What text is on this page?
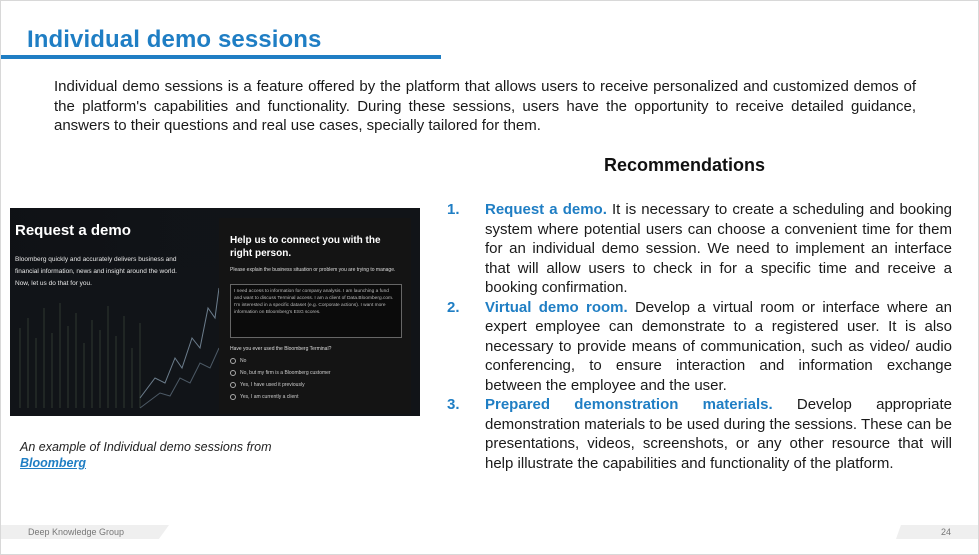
Individual demo sessions
Individual demo sessions is a feature offered by the platform that allows users to receive personalized and customized demos of the platform's capabilities and functionality. During these sessions, users have the opportunity to receive detailed guidance, answers to their questions and real use cases, specially tailored for them.
Recommendations
Request a demo
Bloomberg quickly and accurately delivers business and financial information, news and insight around the world. Now, let us do that for you.
Help us to connect you with the right person.
Please explain the business situation or problem you are trying to manage.
I need access to information for company analysis. I am launching a fund and want to discuss Terminal access. I am a client of Data.Bloomberg.com. I'm interested in a specific dataset (e.g. Corporate actions). I want more information on Bloomberg's ESG scores.
Have you ever used the Bloomberg Terminal?
No
No, but my firm is a Bloomberg customer
Yes, I have used it previously
Yes, I am currently a client
An example of Individual demo sessions from Bloomberg
1. Request a demo. It is necessary to create a scheduling and booking system where potential users can choose a convenient time for them for an individual demo session. We need to implement an interface that will allow users to check in for a specific time and receive a booking confirmation.
2. Virtual demo room. Develop a virtual room or interface where an expert employee can demonstrate to a registered user. It is also necessary to provide means of communication, such as video/ audio conferencing, to ensure interaction and information exchange between the employee and the user.
3. Prepared demonstration materials. Develop appropriate demonstration materials to be used during the sessions. These can be presentations, videos, screenshots, or any other resource that will help illustrate the capabilities and functionality of the platform.
Deep Knowledge Group	24
